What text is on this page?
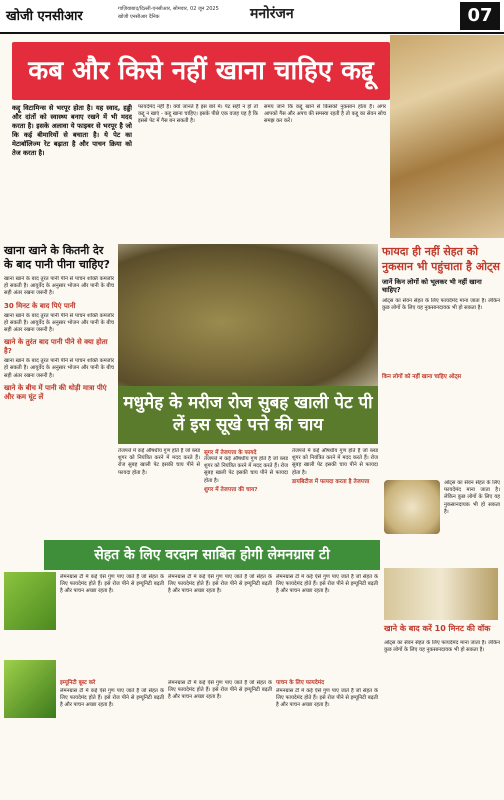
खोजी एनसीआर	गाज़ियाबाद/दिल्ली-एनसीआर, सोमवार, 02 जून 2025
खोजी एनसीआर दैनिक	मनोरंजन	07
कब और किसे नहीं खाना चाहिए कद्दू
कद्दू विटामिन्स से भरपूर होता है। यह स्वाद, हड्डी और दांतों को स्वास्थ्य बनाए रखने में भी मदद करता है। इसके अलावा ये फाइबर से भरपूर है जो कि कई बीमारियों से बचाता है। ये पेट का मेटाबॉलिज्म रेट बढ़ाता है और पाचन क्रिया को तेज करता है।
फायदेमंद नहीं है। क्यों जानते है इस बारे में। पेट सही न हो तो कद्दू न खाएं - कद्दू खाना चाहिए। इसके पीछे एक वजह यह है कि इससे पेट में गैस बन सकती है।
समय जानें कि कद्दू खाने से किसको नुकसान होता है। अगर आपको गैस और अपच की समस्या रहती है तो कद्दू का सेवन सोच समझ कर करें।
खाना खाने के कितनी देर के बाद पानी पीना चाहिए?
खाना खाने के बाद तुरंत पानी पीने से पाचन शक्ति कमजोर हो सकती है। आयुर्वेद के अनुसार भोजन और पानी के बीच सही अंतर रखना जरूरी है।
30 मिनट के बाद पिएं पानी
खाना खाने के बाद तुरंत पानी पीने से पाचन शक्ति कमजोर हो सकती है। आयुर्वेद के अनुसार भोजन और पानी के बीच सही अंतर रखना जरूरी है।
खाने के तुरंत बाद पानी पीने से क्या होता है?
खाना खाने के बाद तुरंत पानी पीने से पाचन शक्ति कमजोर हो सकती है। आयुर्वेद के अनुसार भोजन और पानी के बीच सही अंतर रखना जरूरी है।
खाने के बीच में पानी की थोड़ी मात्रा पीएं और कम घूंट लें	मधुमेह के मरीज रोज सुबह खाली पेट पी लें इस सूखे पत्ते की चाय
तेजपत्ते में कई औषधीय गुण होते हैं जो ब्लड शुगर को नियंत्रित करने में मदद करते हैं। रोज सुबह खाली पेट इसकी चाय पीने से फायदा होता है।
सूगर में तेजपत्ता के फायदे
तेजपत्ते में कई औषधीय गुण होते हैं जो ब्लड शुगर को नियंत्रित करने में मदद करते हैं। रोज सुबह खाली पेट इसकी चाय पीने से फायदा होता है।
शुगर में तेजपत्ता की चाय?
तेजपत्ते में कई औषधीय गुण होते हैं जो ब्लड शुगर को नियंत्रित करने में मदद करते हैं। रोज सुबह खाली पेट इसकी चाय पीने से फायदा होता है।
डायबिटीज में फायदा करता है तेजपत्ता
फायदा ही नहीं सेहत को नुकसान भी पहुंचाता है ओट्स
जानें किन लोगों को भूलकर भी नहीं खाना चाहिए?
ओट्स का सेवन सेहत के लिए फायदेमंद माना जाता है। लेकिन कुछ लोगों के लिए यह नुकसानदायक भी हो सकता है।
किन लोगों को नहीं खाना चाहिए ओट्स
ओट्स का सेवन सेहत के लिए फायदेमंद माना जाता है। लेकिन कुछ लोगों के लिए यह नुकसानदायक भी हो सकता है।
खाने के बाद करें 10 मिनट की वॉक
ओट्स का सेवन सेहत के लिए फायदेमंद माना जाता है। लेकिन कुछ लोगों के लिए यह नुकसानदायक भी हो सकता है।
सेहत के लिए वरदान साबित होगी लेमनग्रास टी
लेमनग्रास टी में कई ऐसे गुण पाए जाते हैं जो सेहत के लिए फायदेमंद होते हैं। इसे रोज पीने से इम्यूनिटी बढ़ती है और पाचन अच्छा रहता है।
इम्यूनिटी बूस्ट करे
लेमनग्रास टी में कई ऐसे गुण पाए जाते हैं जो सेहत के लिए फायदेमंद होते हैं। इसे रोज पीने से इम्यूनिटी बढ़ती है और पाचन अच्छा रहता है।
लेमनग्रास टी में कई ऐसे गुण पाए जाते हैं जो सेहत के लिए फायदेमंद होते हैं। इसे रोज पीने से इम्यूनिटी बढ़ती है और पाचन अच्छा रहता है।
लेमनग्रास टी में कई ऐसे गुण पाए जाते हैं जो सेहत के लिए फायदेमंद होते हैं। इसे रोज पीने से इम्यूनिटी बढ़ती है और पाचन अच्छा रहता है।
लेमनग्रास टी में कई ऐसे गुण पाए जाते हैं जो सेहत के लिए फायदेमंद होते हैं। इसे रोज पीने से इम्यूनिटी बढ़ती है और पाचन अच्छा रहता है।
पाचन के लिए फायदेमंद
लेमनग्रास टी में कई ऐसे गुण पाए जाते हैं जो सेहत के लिए फायदेमंद होते हैं। इसे रोज पीने से इम्यूनिटी बढ़ती है और पाचन अच्छा रहता है।
